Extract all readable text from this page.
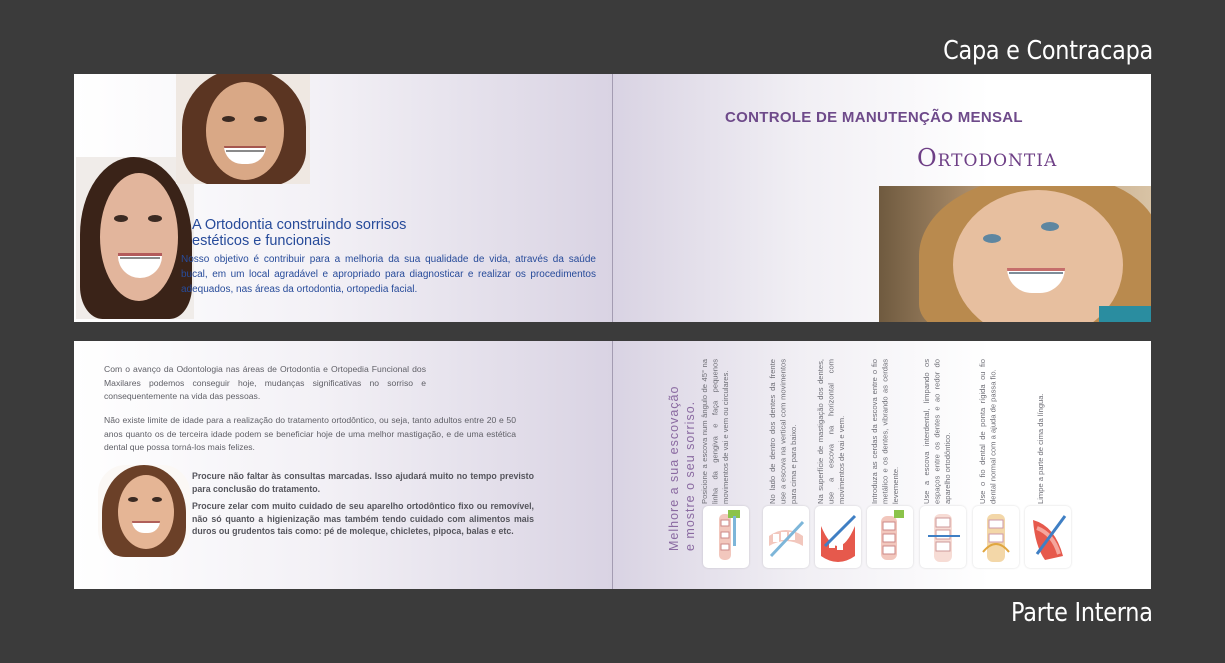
Capa e Contracapa
A Ortodontia construindo sorrisos estéticos e funcionais
Nosso objetivo é contribuir para a melhoria da sua qualidade de vida, através da saúde bucal, em um local agradável e apropriado para diagnosticar e realizar os procedimentos adequados, nas áreas da ortodontia, ortopedia facial.
CONTROLE DE MANUTENÇÃO MENSAL
Ortodontia
Com o avanço da Odontologia nas áreas de Ortodontia e Ortopedia Funcional dos Maxilares podemos conseguir hoje, mudanças significativas no sorriso e consequentemente na vida das pessoas.
Não existe limite de idade para a realização do tratamento ortodôntico, ou seja, tanto adultos entre 20 e 50 anos quanto os de terceira idade podem se beneficiar hoje de uma melhor mastigação, e de uma estética dental que possa torná-los mais felizes.
Procure não faltar às consultas marcadas. Isso ajudará muito no tempo previsto para conclusão do tratamento.
Procure zelar com muito cuidado de seu aparelho ortodôntico fixo ou removível, não só quanto a higienização mas também tendo cuidado com alimentos mais duros ou grudentos tais como: pé de moleque, chicletes, pipoca, balas e etc.	Melhore a sua escovação e mostre o seu sorriso. Posicione a escova num ângulo de 45° na linha da gengiva e faça pequenos movimentos de vai e vem ou circulares.	No lado de dentro dos dentes da frente use a escova na vertical com movimentos para cima e para baixo.	Na superfície de mastigação dos dentes, use a escova na horizontal com movimentos de vai e vem.	Introduza as cerdas da escova entre o fio metálico e os dentes, vibrando as cerdas levemente.	Use a escova interdental, limpando os espaços entre os dentes e ao redor do aparelho ortodôntico.	Use o fio dental de ponta rígida ou fio dental normal com a ajuda de passa fio.	Limpe a parte de cima da língua.
Parte Interna
